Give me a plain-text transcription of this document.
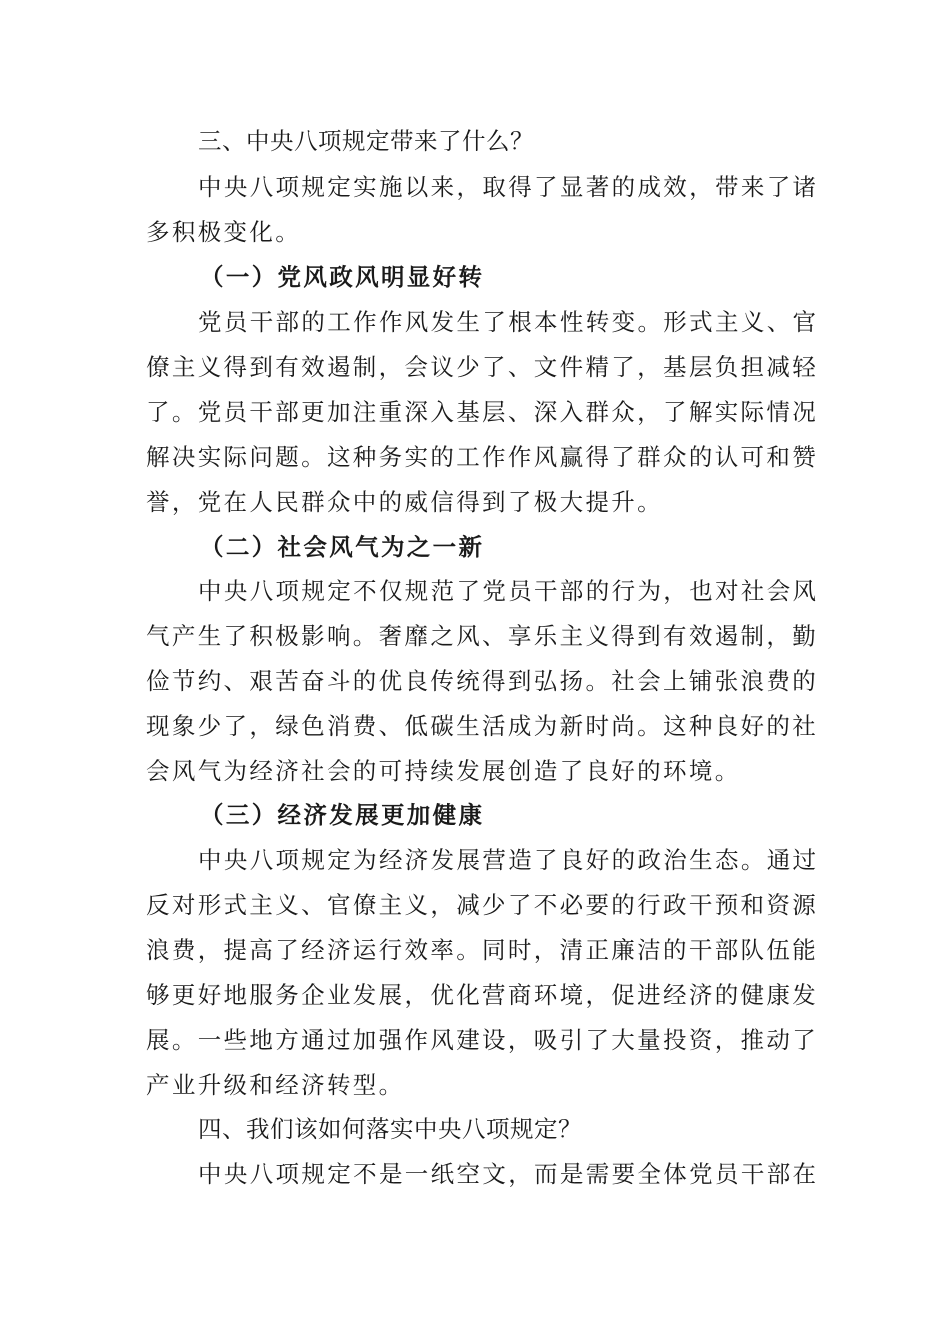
三、中央八项规定带来了什么？
中央八项规定实施以来，取得了显著的成效，带来了诸
多积极变化。
（一）党风政风明显好转
党员干部的工作作风发生了根本性转变。形式主义、官
僚主义得到有效遏制，会议少了、文件精了，基层负担减轻
了。党员干部更加注重深入基层、深入群众，了解实际情况
解决实际问题。这种务实的工作作风赢得了群众的认可和赞
誉，党在人民群众中的威信得到了极大提升。
（二）社会风气为之一新
中央八项规定不仅规范了党员干部的行为，也对社会风
气产生了积极影响。奢靡之风、享乐主义得到有效遏制，勤
俭节约、艰苦奋斗的优良传统得到弘扬。社会上铺张浪费的
现象少了，绿色消费、低碳生活成为新时尚。这种良好的社
会风气为经济社会的可持续发展创造了良好的环境。
（三）经济发展更加健康
中央八项规定为经济发展营造了良好的政治生态。通过
反对形式主义、官僚主义，减少了不必要的行政干预和资源
浪费，提高了经济运行效率。同时，清正廉洁的干部队伍能
够更好地服务企业发展，优化营商环境，促进经济的健康发
展。一些地方通过加强作风建设，吸引了大量投资，推动了
产业升级和经济转型。
四、我们该如何落实中央八项规定？
中央八项规定不是一纸空文，而是需要全体党员干部在
